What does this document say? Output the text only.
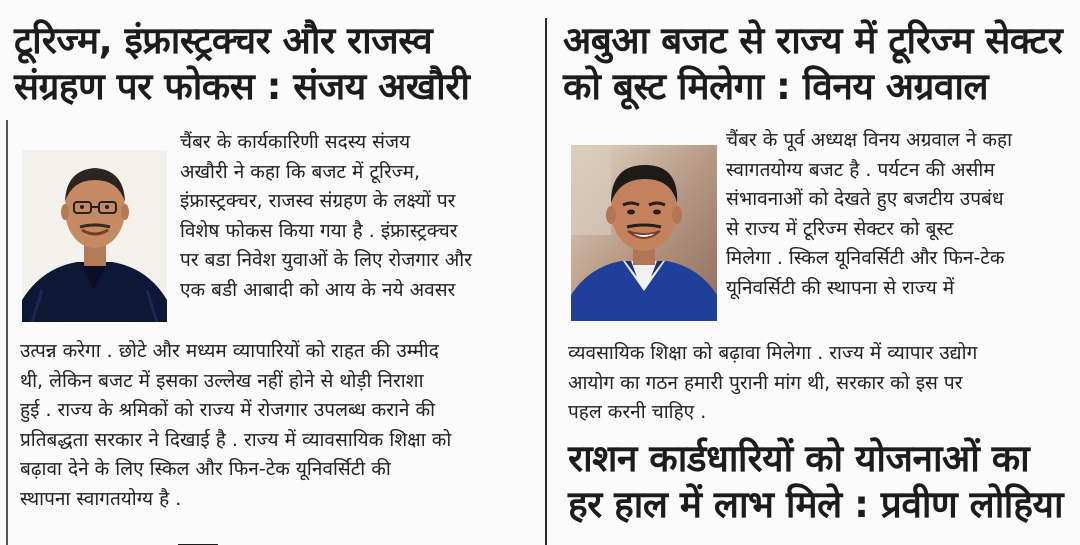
टूरिज्म, इंफ्रास्ट्रक्चर और राजस्व
संग्रहण पर फोकस : संजय अखौरी
चैंबर के कार्यकारिणी सदस्य संजय
अखौरी ने कहा कि बजट में टूरिज्म,
इंफ्रास्ट्रक्चर, राजस्व संग्रहण के लक्ष्यों पर
विशेष फोकस किया गया है . इंफ्रास्ट्रक्चर
पर बडा निवेश युवाओं के लिए रोजगार और
एक बडी आबादी को आय के नये अवसर
उत्पन्न करेगा . छोटे और मध्यम व्यापारियों को राहत की उम्मीद
थी, लेकिन बजट में इसका उल्लेख नहीं होने से थोड़ी निराशा
हुई . राज्य के श्रमिकों को राज्य में रोजगार उपलब्ध कराने की
प्रतिबद्धता सरकार ने दिखाई है . राज्य में व्यावसायिक शिक्षा को
बढ़ावा देने के लिए स्किल और फिन-टेक यूनिवर्सिटी की
स्थापना स्वागतयोग्य है .
अबुआ बजट से राज्य में टूरिज्म सेक्टर
को बूस्ट मिलेगा : विनय अग्रवाल
चैंबर के पूर्व अध्यक्ष विनय अग्रवाल ने कहा
स्वागतयोग्य बजट है . पर्यटन की असीम
संभावनाओं को देखते हुए बजटीय उपबंध
से राज्य में टूरिज्म सेक्टर को बूस्ट
मिलेगा . स्किल यूनिवर्सिटी और फिन-टेक
यूनिवर्सिटी की स्थापना से राज्य में
व्यवसायिक शिक्षा को बढ़ावा मिलेगा . राज्य में व्यापार उद्योग
आयोग का गठन हमारी पुरानी मांग थी, सरकार को इस पर
पहल करनी चाहिए .
राशन कार्डधारियों को योजनाओं का
हर हाल में लाभ मिले : प्रवीण लोहिया
